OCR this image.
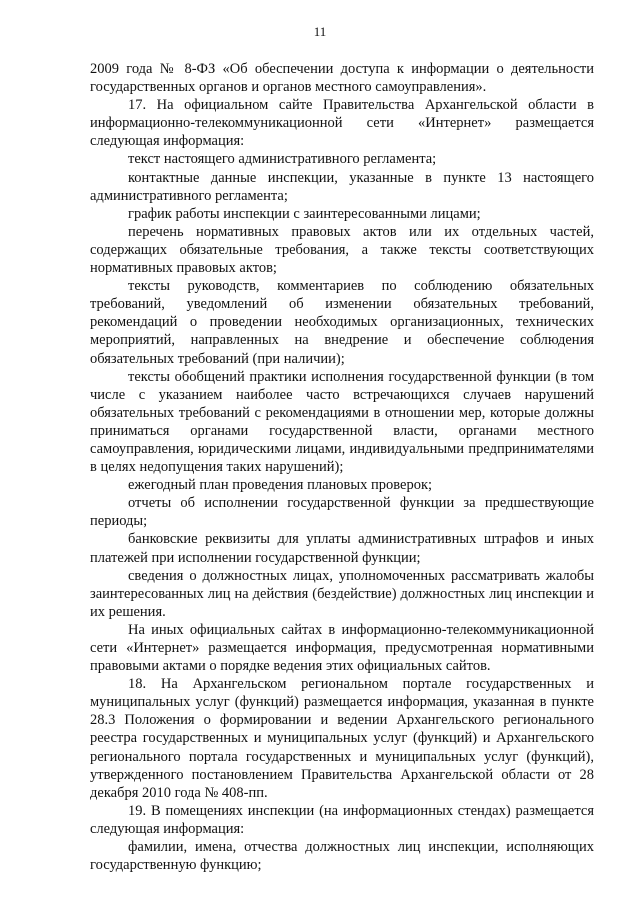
11

2009 года № 8-ФЗ «Об обеспечении доступа к информации о деятельности государственных органов и органов местного самоуправления».

17. На официальном сайте Правительства Архангельской области в информационно-телекоммуникационной сети «Интернет» размещается следующая информация:

текст настоящего административного регламента;

контактные данные инспекции, указанные в пункте 13 настоящего административного регламента;

график работы инспекции с заинтересованными лицами;

перечень нормативных правовых актов или их отдельных частей, содержащих обязательные требования, а также тексты соответствующих нормативных правовых актов;

тексты руководств, комментариев по соблюдению обязательных требований, уведомлений об изменении обязательных требований, рекомендаций о проведении необходимых организационных, технических мероприятий, направленных на внедрение и обеспечение соблюдения обязательных требований (при наличии);

тексты обобщений практики исполнения государственной функции (в том числе с указанием наиболее часто встречающихся случаев нарушений обязательных требований с рекомендациями в отношении мер, которые должны приниматься органами государственной власти, органами местного самоуправления, юридическими лицами, индивидуальными предпринимателями в целях недопущения таких нарушений);

ежегодный план проведения плановых проверок;

отчеты об исполнении государственной функции за предшествующие периоды;

банковские реквизиты для уплаты административных штрафов и иных платежей при исполнении государственной функции;

сведения о должностных лицах, уполномоченных рассматривать жалобы заинтересованных лиц на действия (бездействие) должностных лиц инспекции и их решения.

На иных официальных сайтах в информационно-телекоммуникационной сети «Интернет» размещается информация, предусмотренная нормативными правовыми актами о порядке ведения этих официальных сайтов.

18. На Архангельском региональном портале государственных и муниципальных услуг (функций) размещается информация, указанная в пункте 28.3 Положения о формировании и ведении Архангельского регионального реестра государственных и муниципальных услуг (функций) и Архангельского регионального портала государственных и муниципальных услуг (функций), утвержденного постановлением Правительства Архангельской области от 28 декабря 2010 года № 408-пп.

19. В помещениях инспекции (на информационных стендах) размещается следующая информация:

фамилии, имена, отчества должностных лиц инспекции, исполняющих государственную функцию;
